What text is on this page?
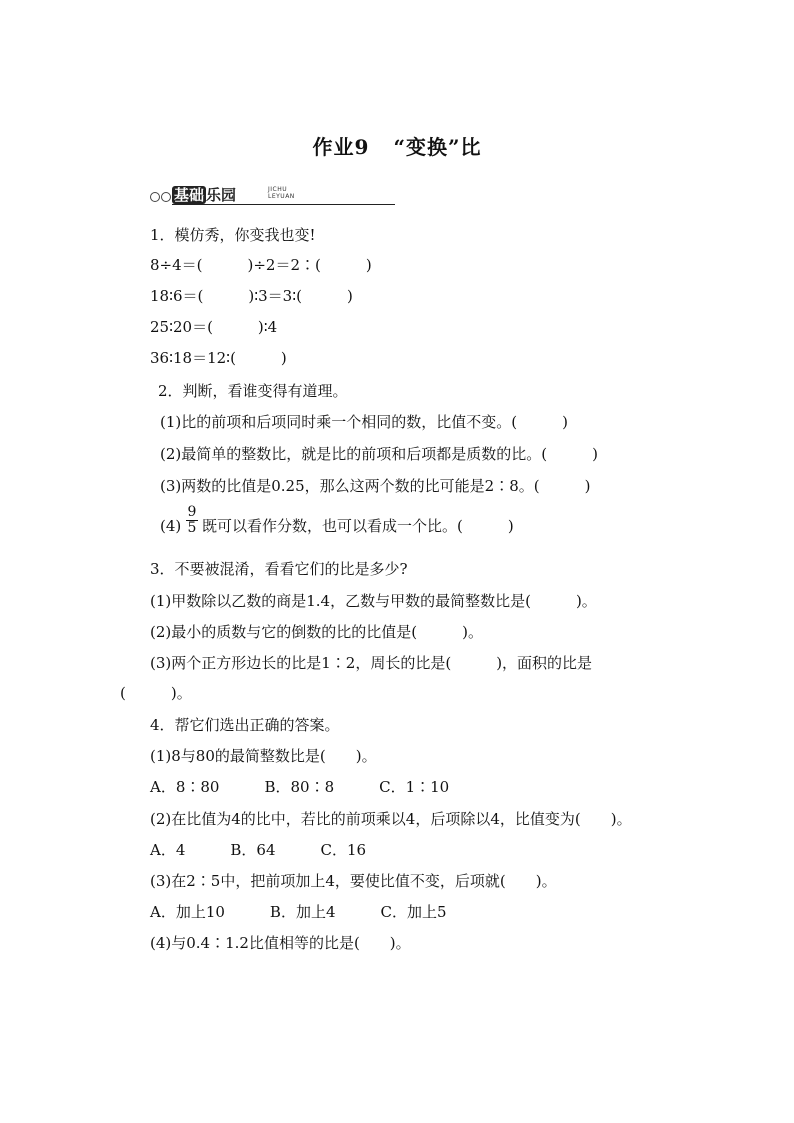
作业9 “变换”比
基础 乐园	JICHU
LEYUAN
1．模仿秀，你变我也变!
8÷4＝(　　　)÷2＝2∶(　　　)
18∶6＝(　　　)∶3＝3∶(　　　)
25∶20＝(　　　)∶4
36∶18＝12∶(　　　)
2．判断，看谁变得有道理。
(1)比的前项和后项同时乘一个相同的数，比值不变。(　　　)
(2)最简单的整数比，就是比的前项和后项都是质数的比。(　　　)
(3)两数的比值是0.25，那么这两个数的比可能是2∶8。(　　　)
$(4) \frac{9}{5}$ 既可以看作分数，也可以看成一个比。(　　　)
3．不要被混淆，看看它们的比是多少?
(1)甲数除以乙数的商是1.4，乙数与甲数的最简整数比是(　　　)。
(2)最小的质数与它的倒数的比的比值是(　　　)。
(3)两个正方形边长的比是1∶2，周长的比是(　　　)，面积的比是
(　　　)。
4．帮它们选出正确的答案。
(1)8与80的最简整数比是(　　)。
A．8∶80　　　B．80∶8　　　C．1∶10
(2)在比值为4的比中，若比的前项乘以4，后项除以4，比值变为(　　)。
A．4　　　B．64　　　C．16
(3)在2∶5中，把前项加上4，要使比值不变，后项就(　　)。
A．加上10　　　B．加上4　　　C．加上5
(4)与0.4∶1.2比值相等的比是(　　)。
